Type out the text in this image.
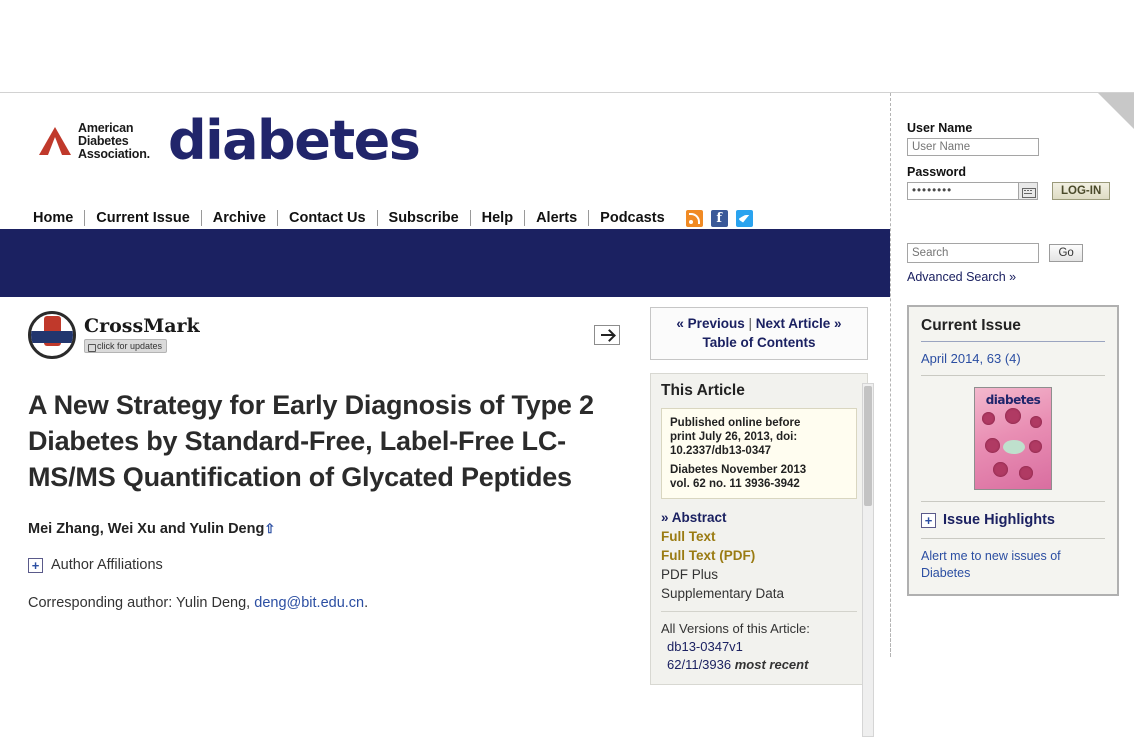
American
Diabetes
Association. diabetes
Home	Current Issue	Archive	Contact Us	Subscribe	Help	Alerts	Podcasts	f
CrossMark
click for updates
A New Strategy for Early Diagnosis of Type 2 Diabetes by Standard-Free, Label-Free LC-MS/MS Quantification of Glycated Peptides
Mei Zhang, Wei Xu and Yulin Deng⇧
+ Author Affiliations
Corresponding author: Yulin Deng, deng@bit.edu.cn.
« Previous | Next Article »
Table of Contents
This Article
Published online before
print July 26, 2013, doi:
10.2337/db13-0347
Diabetes November 2013
vol. 62 no. 11 3936-3942
» Abstract
Full Text
Full Text (PDF)
PDF Plus
Supplementary Data
All Versions of this Article:
db13-0347v1
62/11/3936 most recent
User Name
User Name
Password
••••••••
LOG-IN
Search Go
Advanced Search »
Current Issue
April 2014, 63 (4)
diabetes
+ Issue Highlights
Alert me to new issues of
Diabetes
